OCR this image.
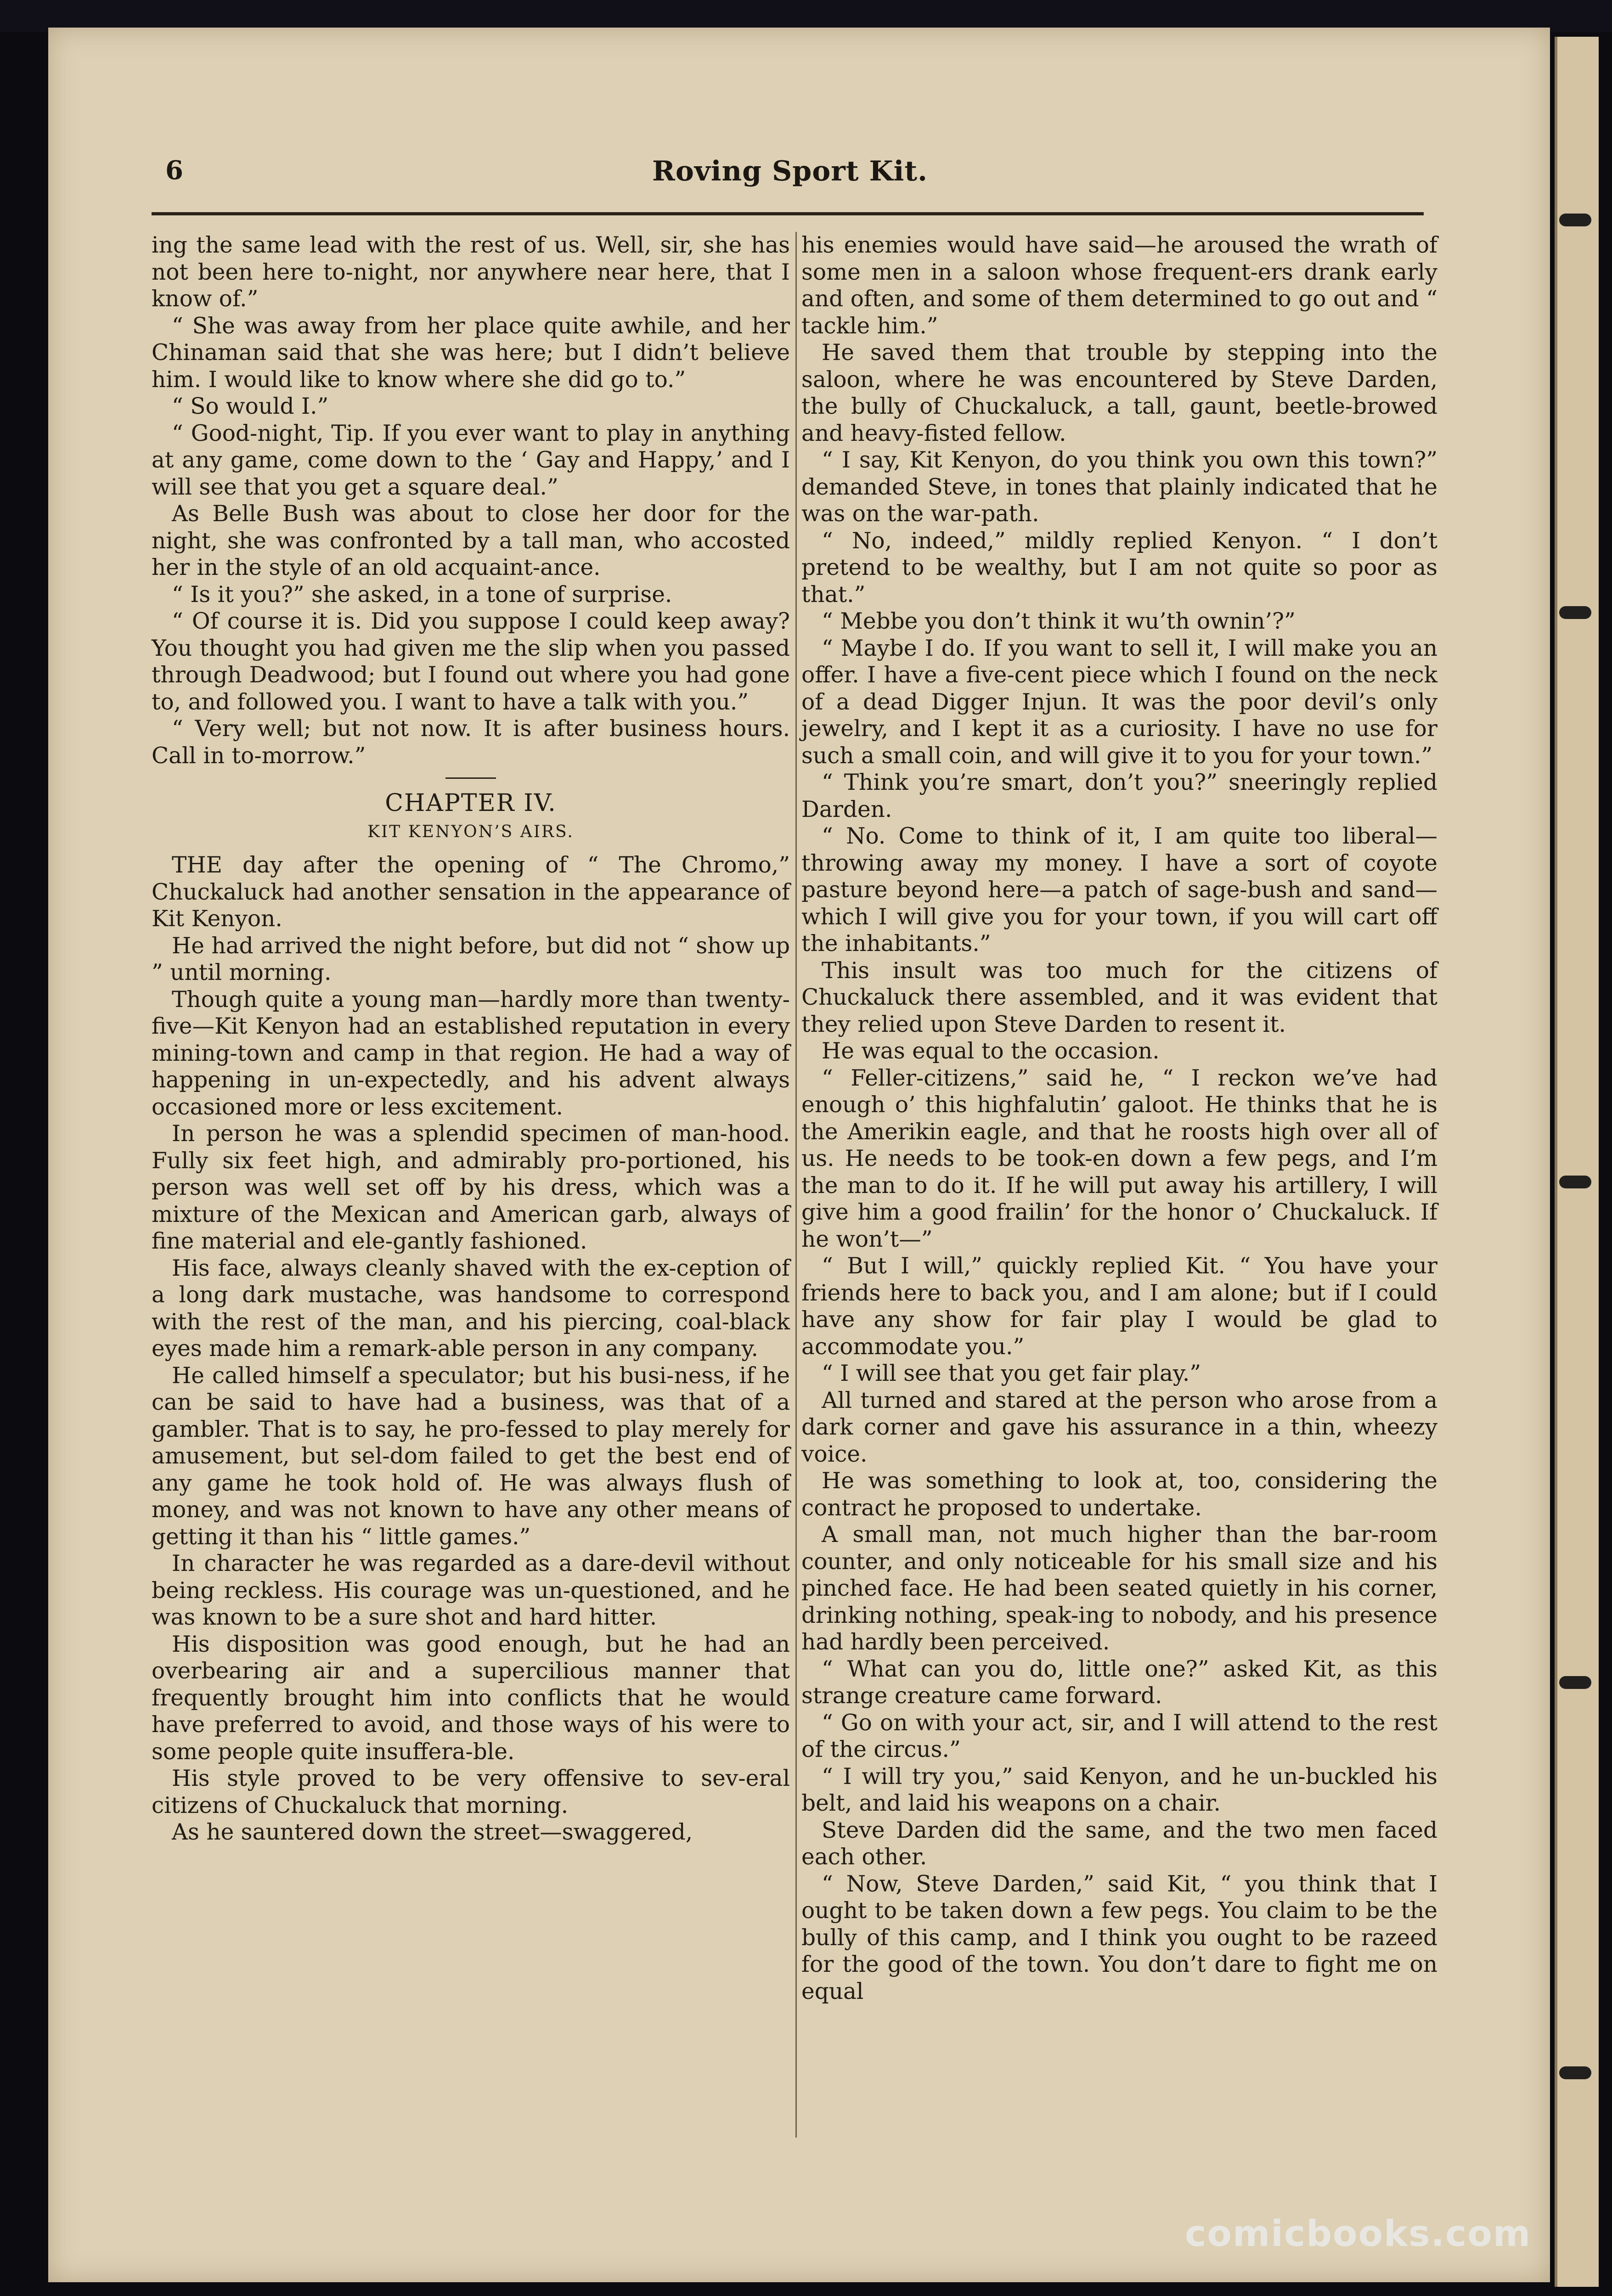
6	Roving Sport Kit.

ing the same lead with the rest of us. Well, sir, she has not been here to-night, nor anywhere near here, that I know of.”

“ She was away from her place quite awhile, and her Chinaman said that she was here; but I didn’t believe him. I would like to know where she did go to.”

“ So would I.”

“ Good-night, Tip. If you ever want to play in anything at any game, come down to the ‘ Gay and Happy,’ and I will see that you get a square deal.”

As Belle Bush was about to close her door for the night, she was confronted by a tall man, who accosted her in the style of an old acquaint-ance.

“ Is it you?” she asked, in a tone of surprise.

“ Of course it is. Did you suppose I could keep away? You thought you had given me the slip when you passed through Deadwood; but I found out where you had gone to, and followed you. I want to have a talk with you.”

“ Very well; but not now. It is after business hours. Call in to-morrow.”

CHAPTER IV.
KIT KENYON’S AIRS.

THE day after the opening of “ The Chromo,” Chuckaluck had another sensation in the appearance of Kit Kenyon.

He had arrived the night before, but did not “ show up ” until morning.

Though quite a young man—hardly more than twenty-five—Kit Kenyon had an established reputation in every mining-town and camp in that region. He had a way of happening in un-expectedly, and his advent always occasioned more or less excitement.

In person he was a splendid specimen of man-hood. Fully six feet high, and admirably pro-portioned, his person was well set off by his dress, which was a mixture of the Mexican and American garb, always of fine material and ele-gantly fashioned.

His face, always cleanly shaved with the ex-ception of a long dark mustache, was handsome to correspond with the rest of the man, and his piercing, coal-black eyes made him a remark-able person in any company.

He called himself a speculator; but his busi-ness, if he can be said to have had a business, was that of a gambler. That is to say, he pro-fessed to play merely for amusement, but sel-dom failed to get the best end of any game he took hold of. He was always flush of money, and was not known to have any other means of getting it than his “ little games.”

In character he was regarded as a dare-devil without being reckless. His courage was un-questioned, and he was known to be a sure shot and hard hitter.

His disposition was good enough, but he had an overbearing air and a supercilious manner that frequently brought him into conflicts that he would have preferred to avoid, and those ways of his were to some people quite insuffera-ble.

His style proved to be very offensive to sev-eral citizens of Chuckaluck that morning.

As he sauntered down the street—swaggered,

his enemies would have said—he aroused the wrath of some men in a saloon whose frequent-ers drank early and often, and some of them determined to go out and “ tackle him.”

He saved them that trouble by stepping into the saloon, where he was encountered by Steve Darden, the bully of Chuckaluck, a tall, gaunt, beetle-browed and heavy-fisted fellow.

“ I say, Kit Kenyon, do you think you own this town?” demanded Steve, in tones that plainly indicated that he was on the war-path.

“ No, indeed,” mildly replied Kenyon. “ I don’t pretend to be wealthy, but I am not quite so poor as that.”

“ Mebbe you don’t think it wu’th ownin’?”

“ Maybe I do. If you want to sell it, I will make you an offer. I have a five-cent piece which I found on the neck of a dead Digger Injun. It was the poor devil’s only jewelry, and I kept it as a curiosity. I have no use for such a small coin, and will give it to you for your town.”

“ Think you’re smart, don’t you?” sneeringly replied Darden.

“ No. Come to think of it, I am quite too liberal—throwing away my money. I have a sort of coyote pasture beyond here—a patch of sage-bush and sand—which I will give you for your town, if you will cart off the inhabitants.”

This insult was too much for the citizens of Chuckaluck there assembled, and it was evident that they relied upon Steve Darden to resent it.

He was equal to the occasion.

“ Feller-citizens,” said he, “ I reckon we’ve had enough o’ this highfalutin’ galoot. He thinks that he is the Amerikin eagle, and that he roosts high over all of us. He needs to be took-en down a few pegs, and I’m the man to do it. If he will put away his artillery, I will give him a good frailin’ for the honor o’ Chuckaluck. If he won’t—”

“ But I will,” quickly replied Kit. “ You have your friends here to back you, and I am alone; but if I could have any show for fair play I would be glad to accommodate you.”

“ I will see that you get fair play.”

All turned and stared at the person who arose from a dark corner and gave his assurance in a thin, wheezy voice.

He was something to look at, too, considering the contract he proposed to undertake.

A small man, not much higher than the bar-room counter, and only noticeable for his small size and his pinched face. He had been seated quietly in his corner, drinking nothing, speak-ing to nobody, and his presence had hardly been perceived.

“ What can you do, little one?” asked Kit, as this strange creature came forward.

“ Go on with your act, sir, and I will attend to the rest of the circus.”

“ I will try you,” said Kenyon, and he un-buckled his belt, and laid his weapons on a chair.

Steve Darden did the same, and the two men faced each other.

“ Now, Steve Darden,” said Kit, “ you think that I ought to be taken down a few pegs. You claim to be the bully of this camp, and I think you ought to be razeed for the good of the town. You don’t dare to fight me on equal

comicbooks.com
